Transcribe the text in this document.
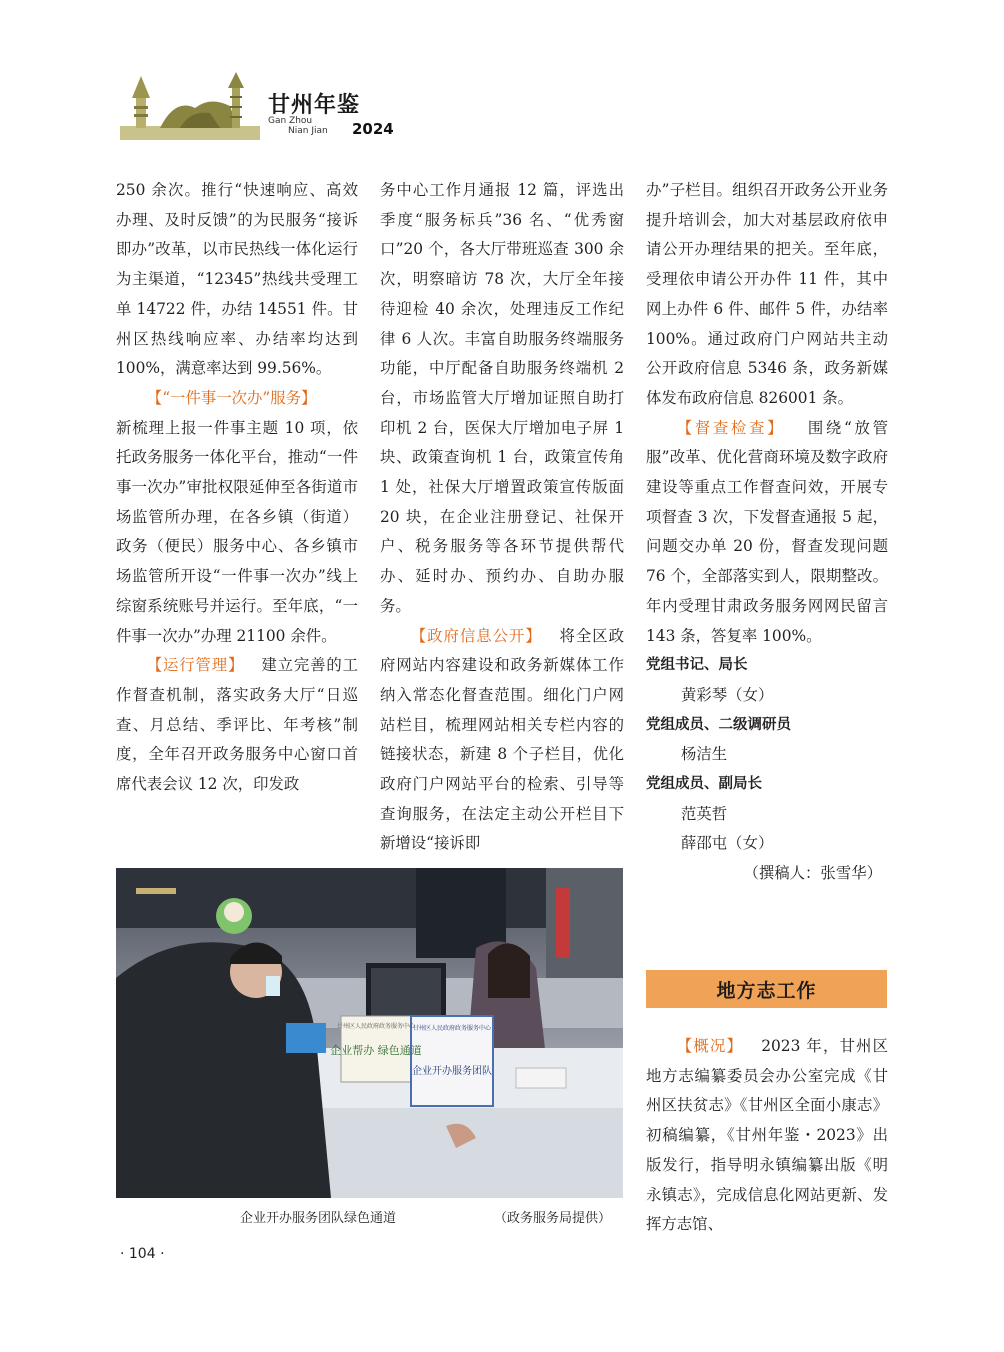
甘州年鉴
Gan Zhou
Nian Jian 2024

250 余次。推行“快速响应、高效办理、及时反馈”的为民服务“接诉即办”改革，以市民热线一体化运行为主渠道，“12345”热线共受理工单 14722 件，办结 14551 件。甘州区热线响应率、办结率均达到 100%，满意率达到 99.56%。

【“一件事一次办”服务】

新梳理上报一件事主题 10 项，依托政务服务一体化平台，推动“一件事一次办”审批权限延伸至各街道市场监管所办理，在各乡镇（街道）政务（便民）服务中心、各乡镇市场监管所开设“一件事一次办”线上综窗系统账号并运行。至年底，“一件事一次办”办理 21100 余件。

【运行管理】 建立完善的工作督查机制，落实政务大厅“日巡查、月总结、季评比、年考核”制度，全年召开政务服务中心窗口首席代表会议 12 次，印发政

务中心工作月通报 12 篇，评选出季度“服务标兵”36 名、“优秀窗口”20 个，各大厅带班巡查 300 余次，明察暗访 78 次，大厅全年接待迎检 40 余次，处理违反工作纪律 6 人次。丰富自助服务终端服务功能，中厅配备自助服务终端机 2 台，市场监管大厅增加证照自助打印机 2 台，医保大厅增加电子屏 1 块、政策查询机 1 台，政策宣传角 1 处，社保大厅增置政策宣传版面 20 块，在企业注册登记、社保开户、税务服务等各环节提供帮代办、延时办、预约办、自助办服务。

【政府信息公开】 将全区政府网站内容建设和政务新媒体工作纳入常态化督查范围。细化门户网站栏目，梳理网站相关专栏内容的链接状态，新建 8 个子栏目，优化政府门户网站平台的检索、引导等查询服务，在法定主动公开栏目下新增设“接诉即

办”子栏目。组织召开政务公开业务提升培训会，加大对基层政府依申请公开办理结果的把关。至年底，受理依申请公开办件 11 件，其中网上办件 6 件、邮件 5 件，办结率 100%。通过政府门户网站共主动公开政府信息 5346 条，政务新媒体发布政府信息 826001 条。

【督查检查】 围绕“放管服”改革、优化营商环境及数字政府建设等重点工作督查问效，开展专项督查 3 次，下发督查通报 5 起，问题交办单 20 份，督查发现问题 76 个，全部落实到人，限期整改。年内受理甘肃政务服务网网民留言 143 条，答复率 100%。

党组书记、局长

黄彩琴（女）

党组成员、二级调研员

杨洁生

党组成员、副局长

范英哲

薛邵屯（女）

（撰稿人：张雪华）

地方志工作

【概况】 2023 年，甘州区地方志编纂委员会办公室完成《甘州区扶贫志》《甘州区全面小康志》初稿编纂，《甘州年鉴・2023》出版发行，指导明永镇编纂出版《明永镇志》，完成信息化网站更新、发挥方志馆、

企业帮办 绿色通道
企业开办服务团队
甘州区人民政府政务服务中心
甘州区人民政府政务服务中心
企业开办服务团队绿色通道	（政务服务局提供）
· 104 ·
